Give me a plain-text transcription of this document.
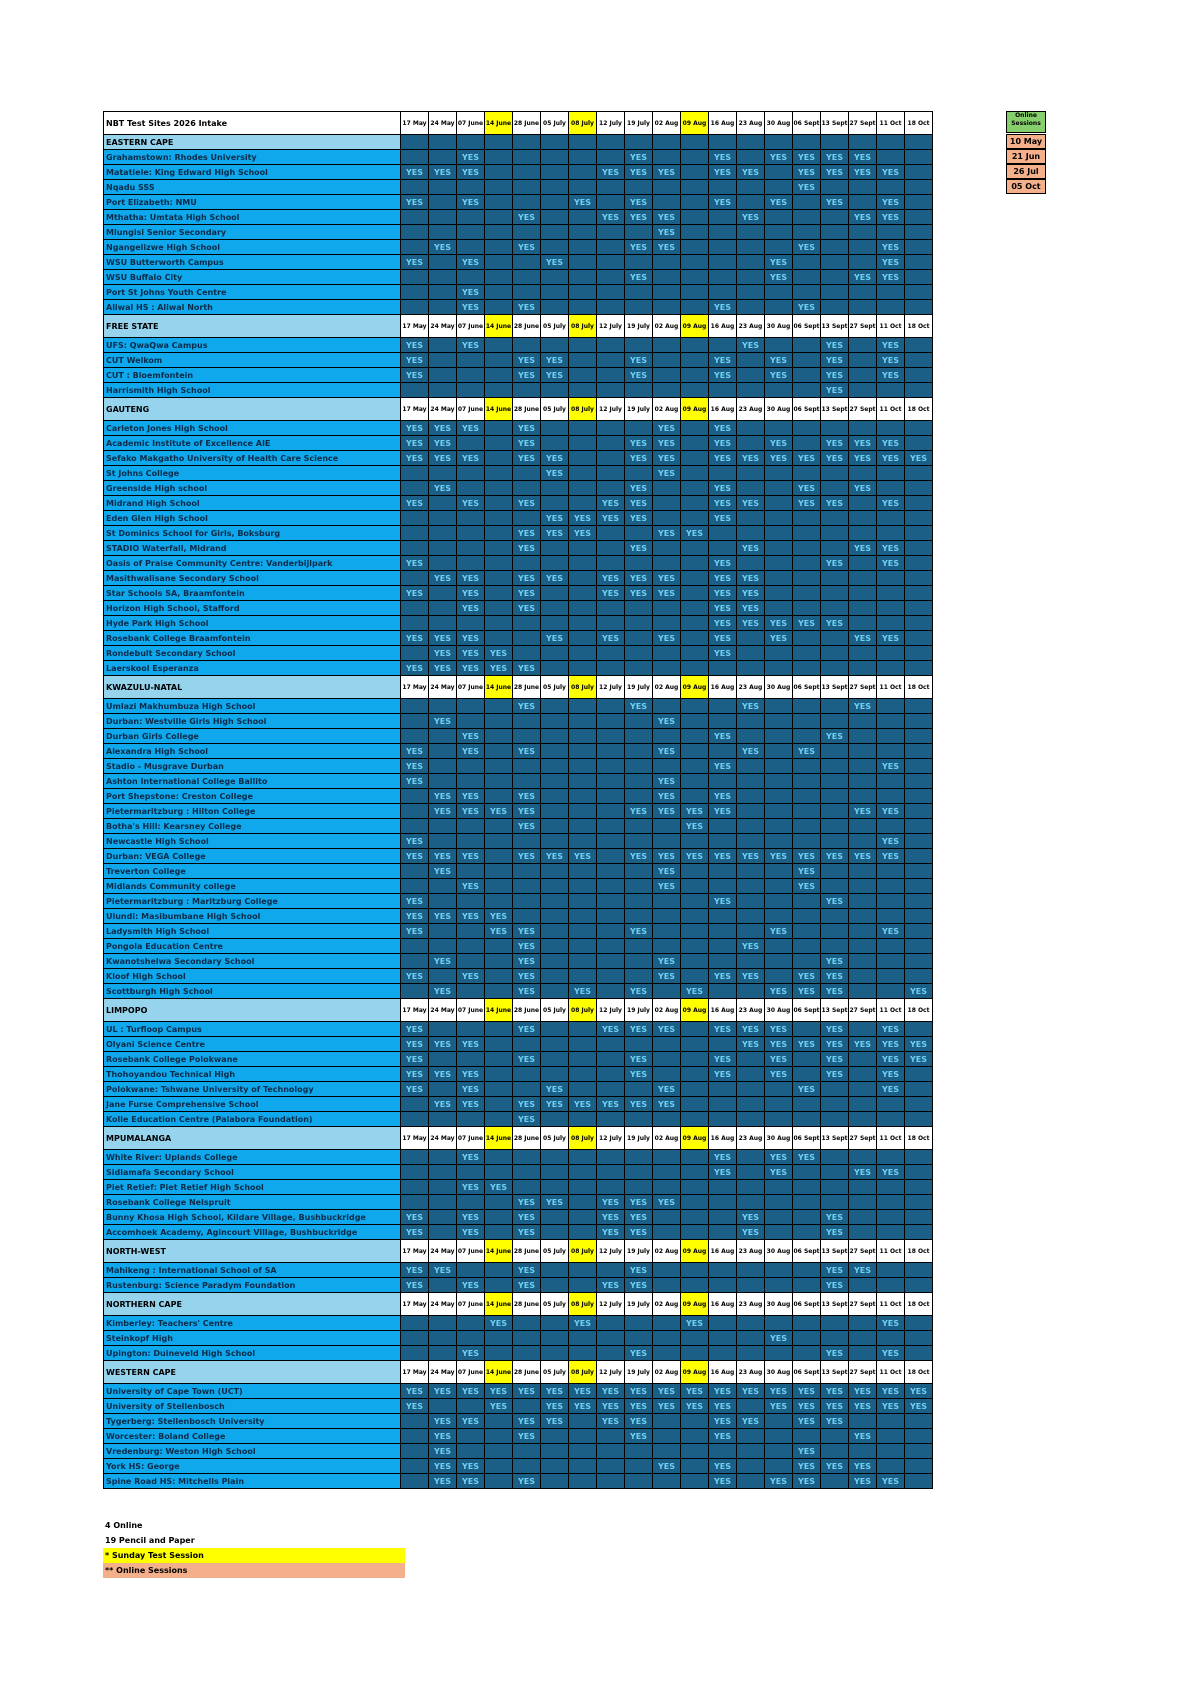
NBT Test Sites 2026 Intake	17 May	24 May	07 June	14 June	28 June	05 July	08 July	12 July	19 July	02 Aug	09 Aug	16 Aug	23 Aug	30 Aug	06 Sept	13 Sept	27 Sept	11 Oct	18 Oct
EASTERN CAPE																			
Grahamstown: Rhodes University			YES						YES			YES		YES	YES	YES	YES		
Matatiele: King Edward High School	YES	YES	YES					YES	YES	YES		YES	YES		YES	YES	YES	YES	
Nqadu SSS															YES				
Port Elizabeth: NMU	YES		YES				YES		YES			YES		YES		YES		YES	
Mthatha: Umtata High School					YES			YES	YES	YES			YES				YES	YES	
Mlungisi Senior Secondary										YES									
Ngangelizwe High School		YES			YES				YES	YES					YES			YES	
WSU Butterworth Campus	YES		YES			YES								YES				YES	
WSU Buffalo City									YES					YES			YES	YES	
Port St Johns Youth Centre			YES																
Aliwal HS : Aliwal North			YES		YES							YES			YES				
FREE STATE	17 May	24 May	07 June	14 June	28 June	05 July	08 July	12 July	19 July	02 Aug	09 Aug	16 Aug	23 Aug	30 Aug	06 Sept	13 Sept	27 Sept	11 Oct	18 Oct
UFS: QwaQwa Campus	YES		YES										YES			YES		YES	
CUT Welkom	YES				YES	YES			YES			YES		YES		YES		YES	
CUT : Bloemfontein	YES				YES	YES			YES			YES		YES		YES		YES	
Harrismith High School																YES			
GAUTENG	17 May	24 May	07 June	14 June	28 June	05 July	08 July	12 July	19 July	02 Aug	09 Aug	16 Aug	23 Aug	30 Aug	06 Sept	13 Sept	27 Sept	11 Oct	18 Oct
Carleton Jones High School	YES	YES	YES		YES					YES		YES							
Academic Institute of Excellence AIE	YES	YES			YES				YES	YES		YES		YES		YES	YES	YES	
Sefako Makgatho University of Health Care Science	YES	YES	YES		YES	YES			YES	YES		YES	YES	YES	YES	YES	YES	YES	YES
St Johns College						YES				YES									
Greenside High school		YES							YES			YES			YES		YES		
Midrand High School	YES		YES		YES			YES	YES			YES	YES		YES	YES		YES	
Eden Glen High School						YES	YES	YES	YES			YES							
St Dominics School for Girls, Boksburg					YES	YES	YES			YES	YES								
STADIO Waterfall, Midrand					YES				YES				YES				YES	YES	
Oasis of Praise Community Centre: Vanderbijlpark	YES											YES				YES		YES	
Masithwalisane Secondary School		YES	YES		YES	YES		YES	YES	YES		YES	YES						
Star Schools SA, Braamfontein	YES		YES		YES			YES	YES	YES		YES	YES						
Horizon High School, Stafford			YES		YES							YES	YES						
Hyde Park High School												YES	YES	YES	YES	YES			
Rosebank College Braamfontein	YES	YES	YES			YES		YES		YES		YES		YES			YES	YES	
Rondebult Secondary School		YES	YES	YES								YES							
Laerskool Esperanza	YES	YES	YES	YES	YES														
KWAZULU-NATAL	17 May	24 May	07 June	14 June	28 June	05 July	08 July	12 July	19 July	02 Aug	09 Aug	16 Aug	23 Aug	30 Aug	06 Sept	13 Sept	27 Sept	11 Oct	18 Oct
Umlazi Makhumbuza High School					YES				YES				YES				YES		
Durban: Westville Girls High School		YES								YES									
Durban Girls College			YES									YES				YES			
Alexandra High School	YES		YES		YES					YES			YES		YES				
Stadio - Musgrave Durban	YES											YES						YES	
Ashton International College Ballito	YES									YES									
Port Shepstone: Creston College		YES	YES		YES					YES		YES							
Pietermaritzburg : Hilton College		YES	YES	YES	YES				YES	YES	YES	YES					YES	YES	
Botha's Hill: Kearsney College					YES						YES								
Newcastle High School	YES																	YES	
Durban: VEGA College	YES	YES	YES		YES	YES	YES		YES	YES	YES	YES	YES	YES	YES	YES	YES	YES	
Treverton College		YES								YES					YES				
Midlands Community college			YES							YES					YES				
Pietermaritzburg : Maritzburg College	YES											YES				YES			
Ulundi: Masibumbane High School	YES	YES	YES	YES															
Ladysmith High School	YES			YES	YES				YES					YES				YES	
Pongola Education Centre					YES								YES						
Kwanotshelwa Secondary School		YES			YES					YES						YES			
Kloof High School	YES		YES		YES					YES		YES	YES		YES	YES			
Scottburgh High School		YES			YES		YES		YES		YES			YES	YES	YES			YES
LIMPOPO	17 May	24 May	07 June	14 June	28 June	05 July	08 July	12 July	19 July	02 Aug	09 Aug	16 Aug	23 Aug	30 Aug	06 Sept	13 Sept	27 Sept	11 Oct	18 Oct
UL : Turfloop Campus	YES				YES			YES	YES	YES		YES	YES	YES		YES		YES	
Olyani Science Centre	YES	YES	YES										YES	YES	YES	YES	YES	YES	YES
Rosebank College Polokwane	YES				YES				YES			YES		YES		YES		YES	YES
Thohoyandou Technical High	YES	YES	YES						YES			YES		YES		YES		YES	
Polokwane: Tshwane University of Technology	YES		YES			YES				YES					YES			YES	
Jane Furse Comprehensive School		YES	YES		YES	YES	YES	YES	YES	YES									
Kolle Education Centre (Palabora Foundation)					YES														
MPUMALANGA	17 May	24 May	07 June	14 June	28 June	05 July	08 July	12 July	19 July	02 Aug	09 Aug	16 Aug	23 Aug	30 Aug	06 Sept	13 Sept	27 Sept	11 Oct	18 Oct
White River: Uplands College			YES									YES		YES	YES				
Sidlamafa Secondary School												YES		YES			YES	YES	
Piet Retief: Piet Retief High School			YES	YES															
Rosebank College Nelspruit					YES	YES		YES	YES	YES									
Bunny Khosa High School, Kildare Village, Bushbuckridge	YES		YES		YES			YES	YES				YES			YES			
Accomhoek Academy, Agincourt Village, Bushbuckridge	YES		YES		YES			YES	YES				YES			YES			
NORTH-WEST	17 May	24 May	07 June	14 June	28 June	05 July	08 July	12 July	19 July	02 Aug	09 Aug	16 Aug	23 Aug	30 Aug	06 Sept	13 Sept	27 Sept	11 Oct	18 Oct
Mahikeng : International School of SA	YES	YES			YES				YES							YES	YES		
Rustenburg: Science Paradym Foundation	YES		YES		YES			YES	YES							YES			
NORTHERN CAPE	17 May	24 May	07 June	14 June	28 June	05 July	08 July	12 July	19 July	02 Aug	09 Aug	16 Aug	23 Aug	30 Aug	06 Sept	13 Sept	27 Sept	11 Oct	18 Oct
Kimberley: Teachers' Centre				YES			YES				YES							YES	
Steinkopf High														YES					
Upington: Duineveld High School			YES						YES							YES		YES	
WESTERN CAPE	17 May	24 May	07 June	14 June	28 June	05 July	08 July	12 July	19 July	02 Aug	09 Aug	16 Aug	23 Aug	30 Aug	06 Sept	13 Sept	27 Sept	11 Oct	18 Oct
University of Cape Town (UCT)	YES	YES	YES	YES	YES	YES	YES	YES	YES	YES	YES	YES	YES	YES	YES	YES	YES	YES	YES
University of Stellenbosch	YES			YES		YES	YES	YES	YES	YES	YES	YES		YES	YES	YES	YES	YES	YES
Tygerberg: Stellenbosch University		YES	YES		YES	YES		YES	YES			YES	YES		YES	YES			
Worcester: Boland College		YES			YES				YES			YES					YES		
Vredenburg: Weston High School		YES													YES				
York HS: George		YES	YES							YES		YES			YES	YES	YES		
Spine Road HS: Mitchells Plain		YES	YES		YES							YES		YES	YES		YES	YES	
Online Sessions
10 May
21 Jun
26 Jul
05 Oct
4 Online
19 Pencil and Paper
* Sunday Test Session
** Online Sessions
